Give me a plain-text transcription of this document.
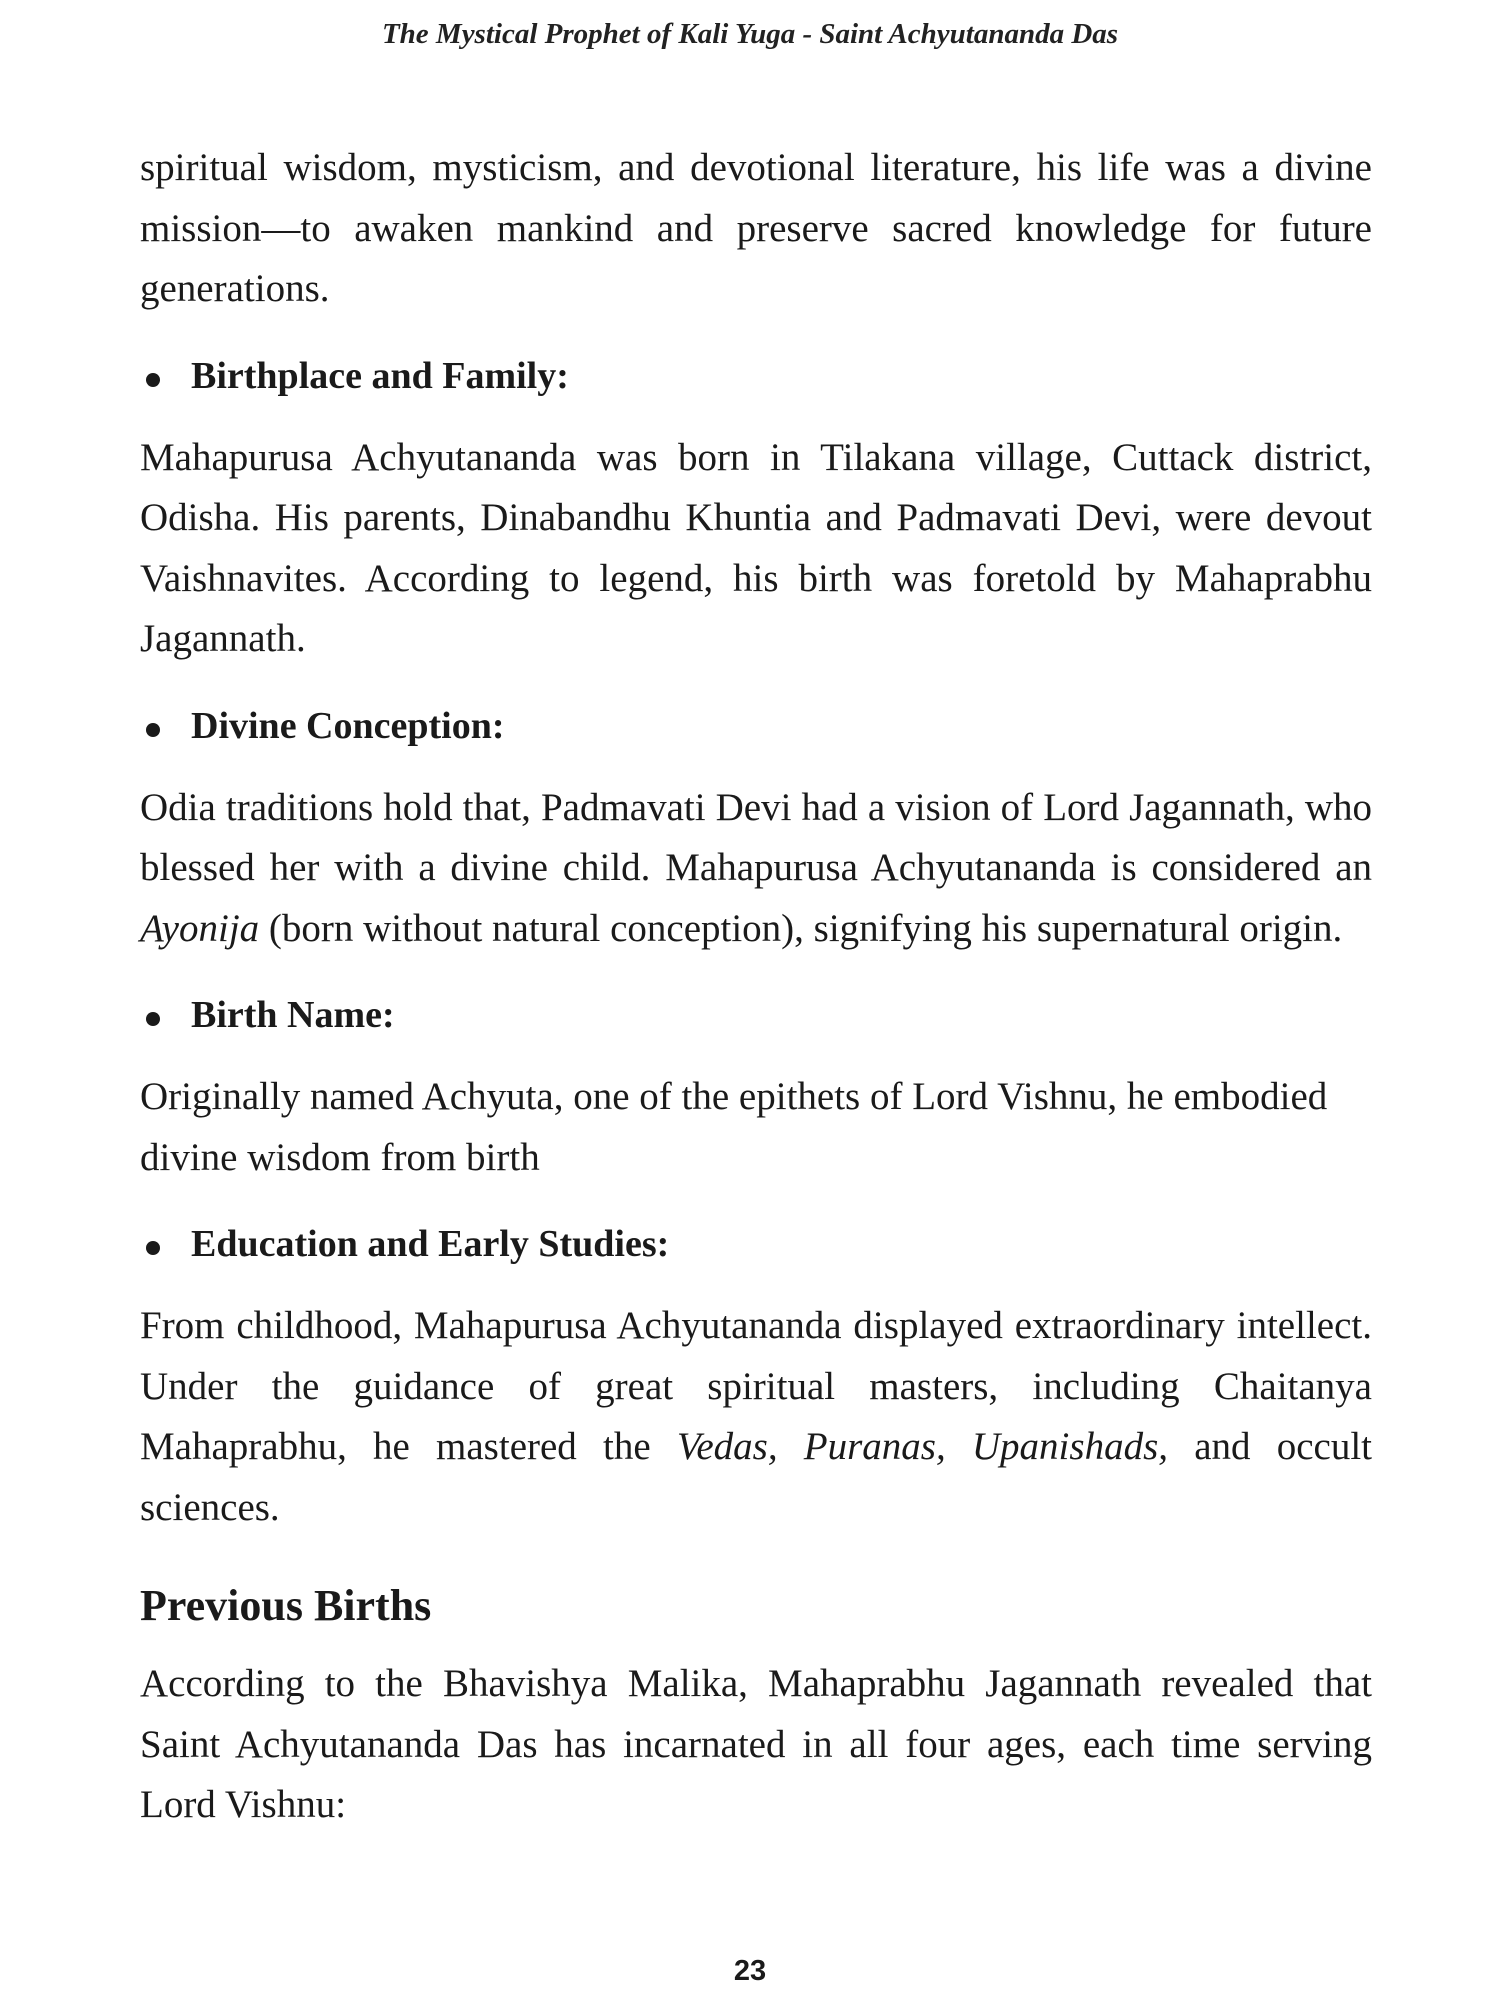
The Mystical Prophet of Kali Yuga - Saint Achyutananda Das

spiritual wisdom, mysticism, and devotional literature, his life was a divine mission—to awaken mankind and preserve sacred knowledge for future generations.

Birthplace and Family:

Mahapurusa Achyutananda was born in Tilakana village, Cuttack district, Odisha. His parents, Dinabandhu Khuntia and Padmavati Devi, were devout Vaishnavites. According to legend, his birth was foretold by Mahaprabhu Jagannath.

Divine Conception:

Odia traditions hold that, Padmavati Devi had a vision of Lord Jagannath, who blessed her with a divine child. Mahapurusa Achyutananda is considered an Ayonija (born without natural conception), signifying his supernatural origin.

Birth Name:

Originally named Achyuta, one of the epithets of Lord Vishnu, he embodied divine wisdom from birth

Education and Early Studies:

From childhood, Mahapurusa Achyutananda displayed extraordinary intellect. Under the guidance of great spiritual masters, including Chaitanya Mahaprabhu, he mastered the Vedas, Puranas, Upanishads, and occult sciences.

Previous Births

According to the Bhavishya Malika, Mahaprabhu Jagannath revealed that Saint Achyutananda Das has incarnated in all four ages, each time serving Lord Vishnu:

23
